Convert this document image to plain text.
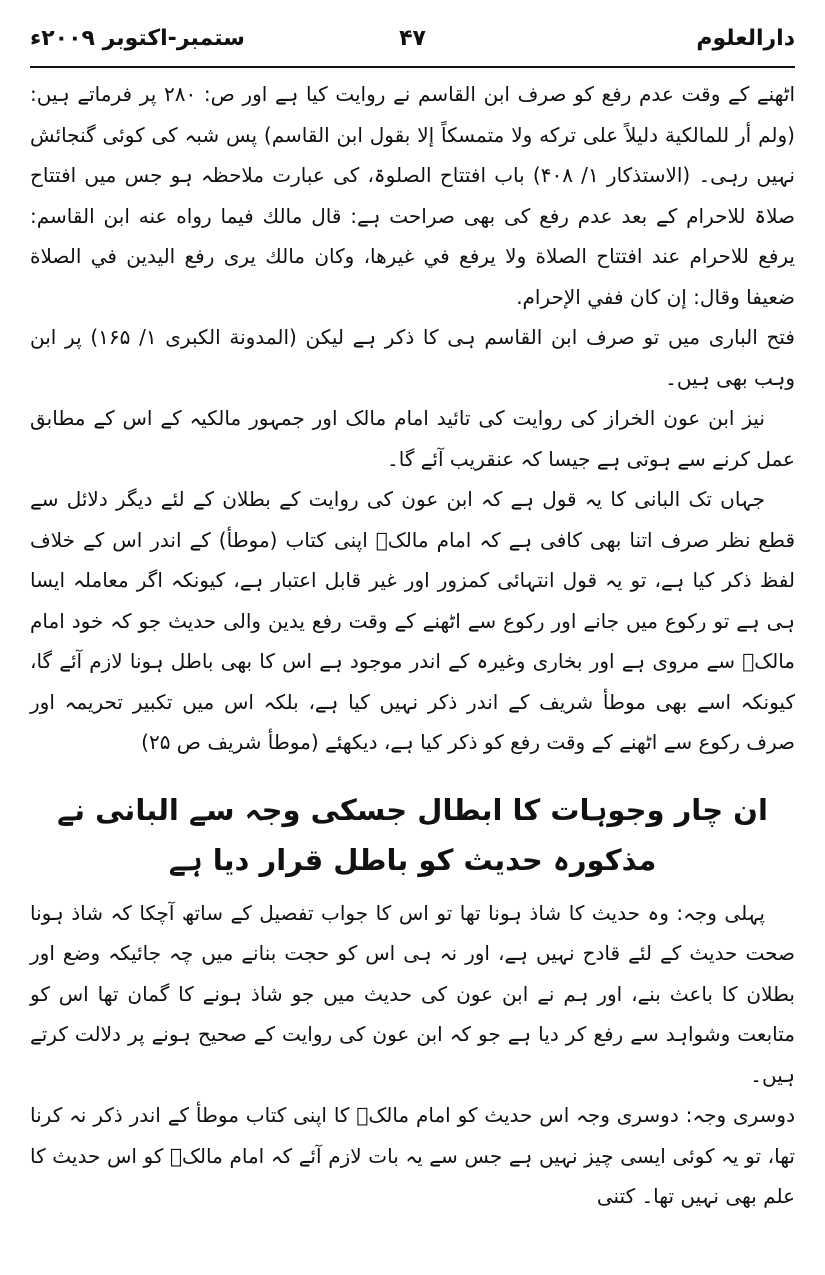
دارالعلوم
۴۷
ستمبر-اکتوبر ۲۰۰۹ء

اٹھنے کے وقت عدم رفع کو صرف ابن القاسم نے روایت کیا ہے اور ص: ۲۸۰ پر فرماتے ہیں: (ولم أر للمالكية دليلاً على تركه ولا متمسكاً إلا بقول ابن القاسم) پس شبہ کی کوئی گنجائش نہیں رہی۔ (الاستذکار ۱/ ۴۰۸) باب افتتاح الصلوۃ، کی عبارت ملاحظہ ہو جس میں افتتاح صلاۃ للاحرام کے بعد عدم رفع کی بھی صراحت ہے: قال مالك فيما رواه عنه ابن القاسم: يرفع للاحرام عند افتتاح الصلاة ولا يرفع في غيرها، وكان مالك يرى رفع اليدين في الصلاة ضعيفا وقال: إن كان ففي الإحرام.

فتح الباری میں تو صرف ابن القاسم ہی کا ذکر ہے لیکن (المدونة الكبرى ۱/ ۱۶۵) پر ابن وہب بھی ہیں۔

نیز ابن عون الخراز کی روایت کی تائید امام مالک اور جمہور مالکیہ کے اس کے مطابق عمل کرنے سے ہوتی ہے جیسا کہ عنقریب آئے گا۔

جہاں تک البانی کا یہ قول ہے کہ ابن عون کی روایت کے بطلان کے لئے دیگر دلائل سے قطع نظر صرف اتنا بھی کافی ہے کہ امام مالکؒ اپنی کتاب (موطأ) کے اندر اس کے خلاف لفظ ذکر کیا ہے، تو یہ قول انتہائی کمزور اور غیر قابل اعتبار ہے، کیونکہ اگر معاملہ ایسا ہی ہے تو رکوع میں جانے اور رکوع سے اٹھنے کے وقت رفع یدین والی حدیث جو کہ خود امام مالکؒ سے مروی ہے اور بخاری وغیرہ کے اندر موجود ہے اس کا بھی باطل ہونا لازم آئے گا، کیونکہ اسے بھی موطأ شریف کے اندر ذکر نہیں کیا ہے، بلکہ اس میں تکبیر تحریمہ اور صرف رکوع سے اٹھنے کے وقت رفع کو ذکر کیا ہے، دیکھئے (موطأ شریف ص ۲۵)

ان چار وجوہات کا ابطال جسکی وجہ سے البانی نے مذکورہ حدیث کو باطل قرار دیا ہے

پہلی وجہ: وہ حدیث کا شاذ ہونا تھا تو اس کا جواب تفصیل کے ساتھ آچکا کہ شاذ ہونا صحت حدیث کے لئے قادح نہیں ہے، اور نہ ہی اس کو حجت بنانے میں چہ جائیکہ وضع اور بطلان کا باعث بنے، اور ہم نے ابن عون کی حدیث میں جو شاذ ہونے کا گمان تھا اس کو متابعت وشواہد سے رفع کر دیا ہے جو کہ ابن عون کی روایت کے صحیح ہونے پر دلالت کرتے ہیں۔

دوسری وجہ: دوسری وجہ اس حدیث کو امام مالکؒ کا اپنی کتاب موطأ کے اندر ذکر نہ کرنا تھا، تو یہ کوئی ایسی چیز نہیں ہے جس سے یہ بات لازم آئے کہ امام مالکؒ کو اس حدیث کا علم بھی نہیں تھا۔ کتنی
